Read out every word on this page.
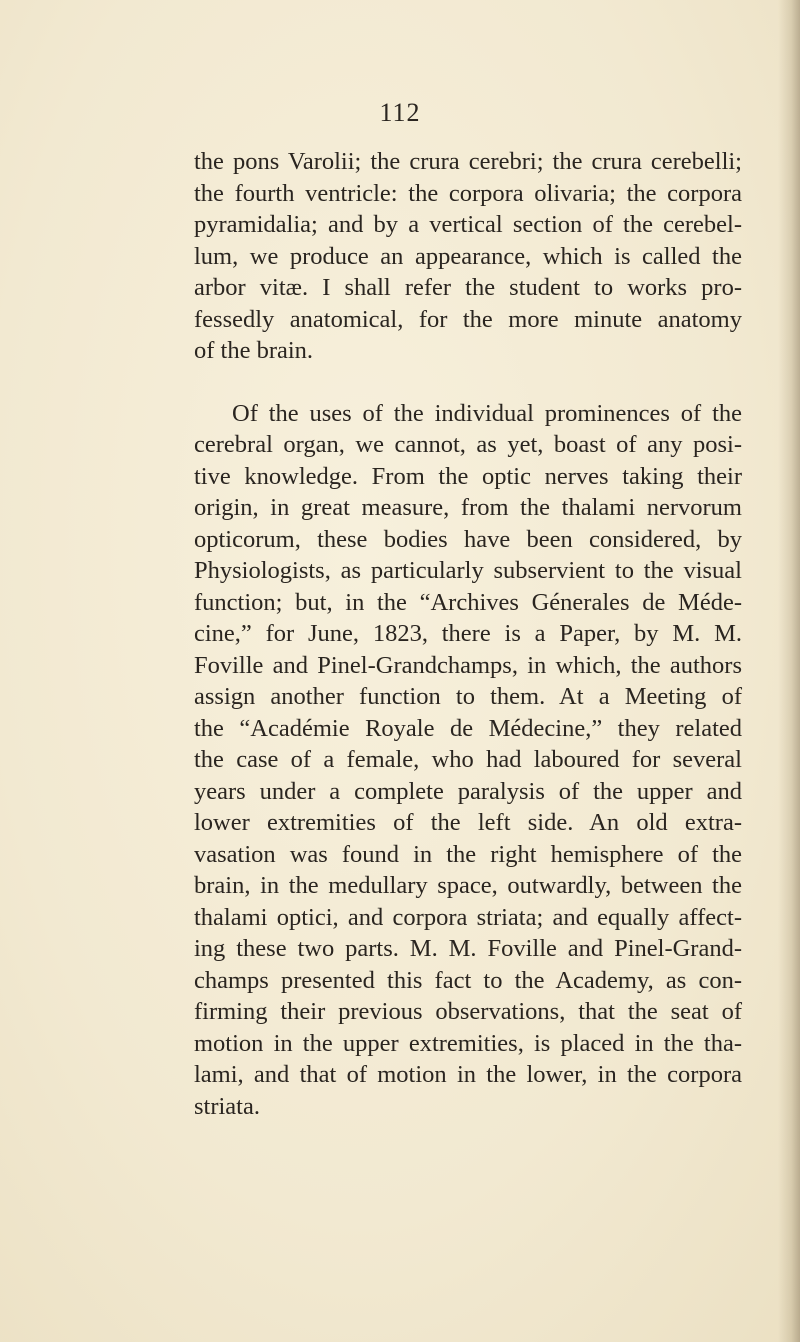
112
the pons Varolii; the crura cerebri; the crura cerebelli;
the fourth ventricle: the corpora olivaria; the corpora
pyramidalia; and by a vertical section of the cerebel-
lum, we produce an appearance, which is called the
arbor vitæ. I shall refer the student to works pro-
fessedly anatomical, for the more minute anatomy
of the brain.
Of the uses of the individual prominences of the
cerebral organ, we cannot, as yet, boast of any posi-
tive knowledge. From the optic nerves taking their
origin, in great measure, from the thalami nervorum
opticorum, these bodies have been considered, by
Physiologists, as particularly subservient to the visual
function; but, in the “Archives Génerales de Méde-
cine,” for June, 1823, there is a Paper, by M. M.
Foville and Pinel-Grandchamps, in which, the authors
assign another function to them. At a Meeting of
the “Académie Royale de Médecine,” they related
the case of a female, who had laboured for several
years under a complete paralysis of the upper and
lower extremities of the left side. An old extra-
vasation was found in the right hemisphere of the
brain, in the medullary space, outwardly, between the
thalami optici, and corpora striata; and equally affect-
ing these two parts. M. M. Foville and Pinel-Grand-
champs presented this fact to the Academy, as con-
firming their previous observations, that the seat of
motion in the upper extremities, is placed in the tha-
lami, and that of motion in the lower, in the corpora
striata.
